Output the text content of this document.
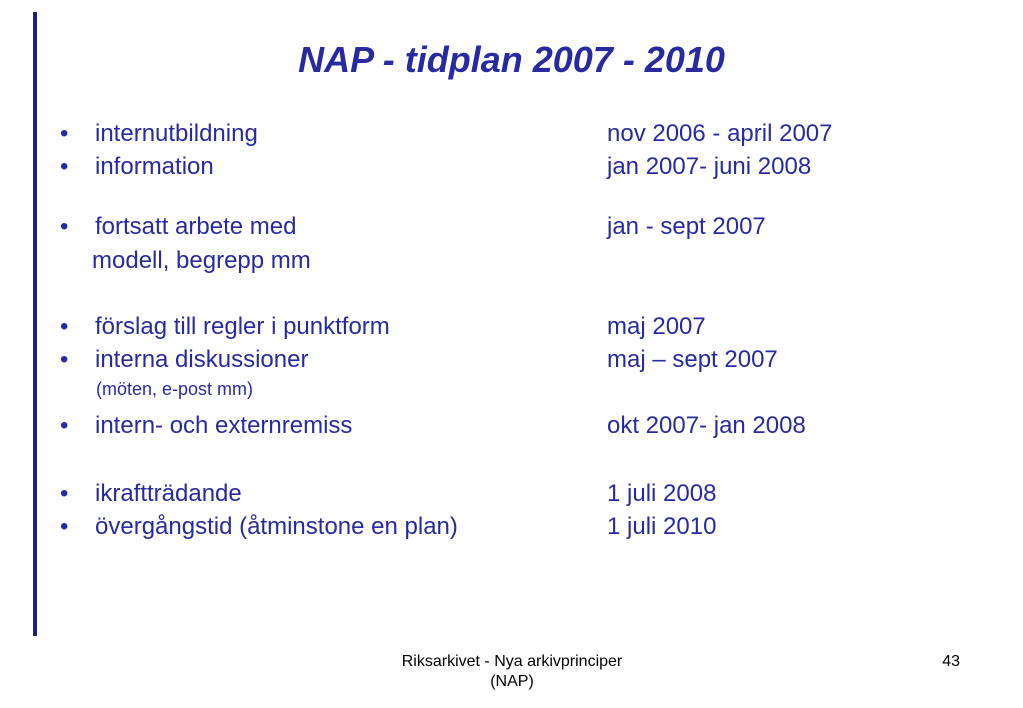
NAP - tidplan 2007 - 2010
• internutbildning	nov 2006 - april 2007
• information	jan 2007- juni 2008
• fortsatt arbete med	jan - sept 2007
modell, begrepp mm
• förslag till regler i punktform	maj 2007
• interna diskussioner	maj – sept 2007
(möten, e-post mm)
• intern- och externremiss	okt 2007- jan 2008
• ikraftträdande	1 juli 2008
• övergångstid (åtminstone en plan)	1 juli 2010
Riksarkivet - Nya arkivprinciper
(NAP)
43
